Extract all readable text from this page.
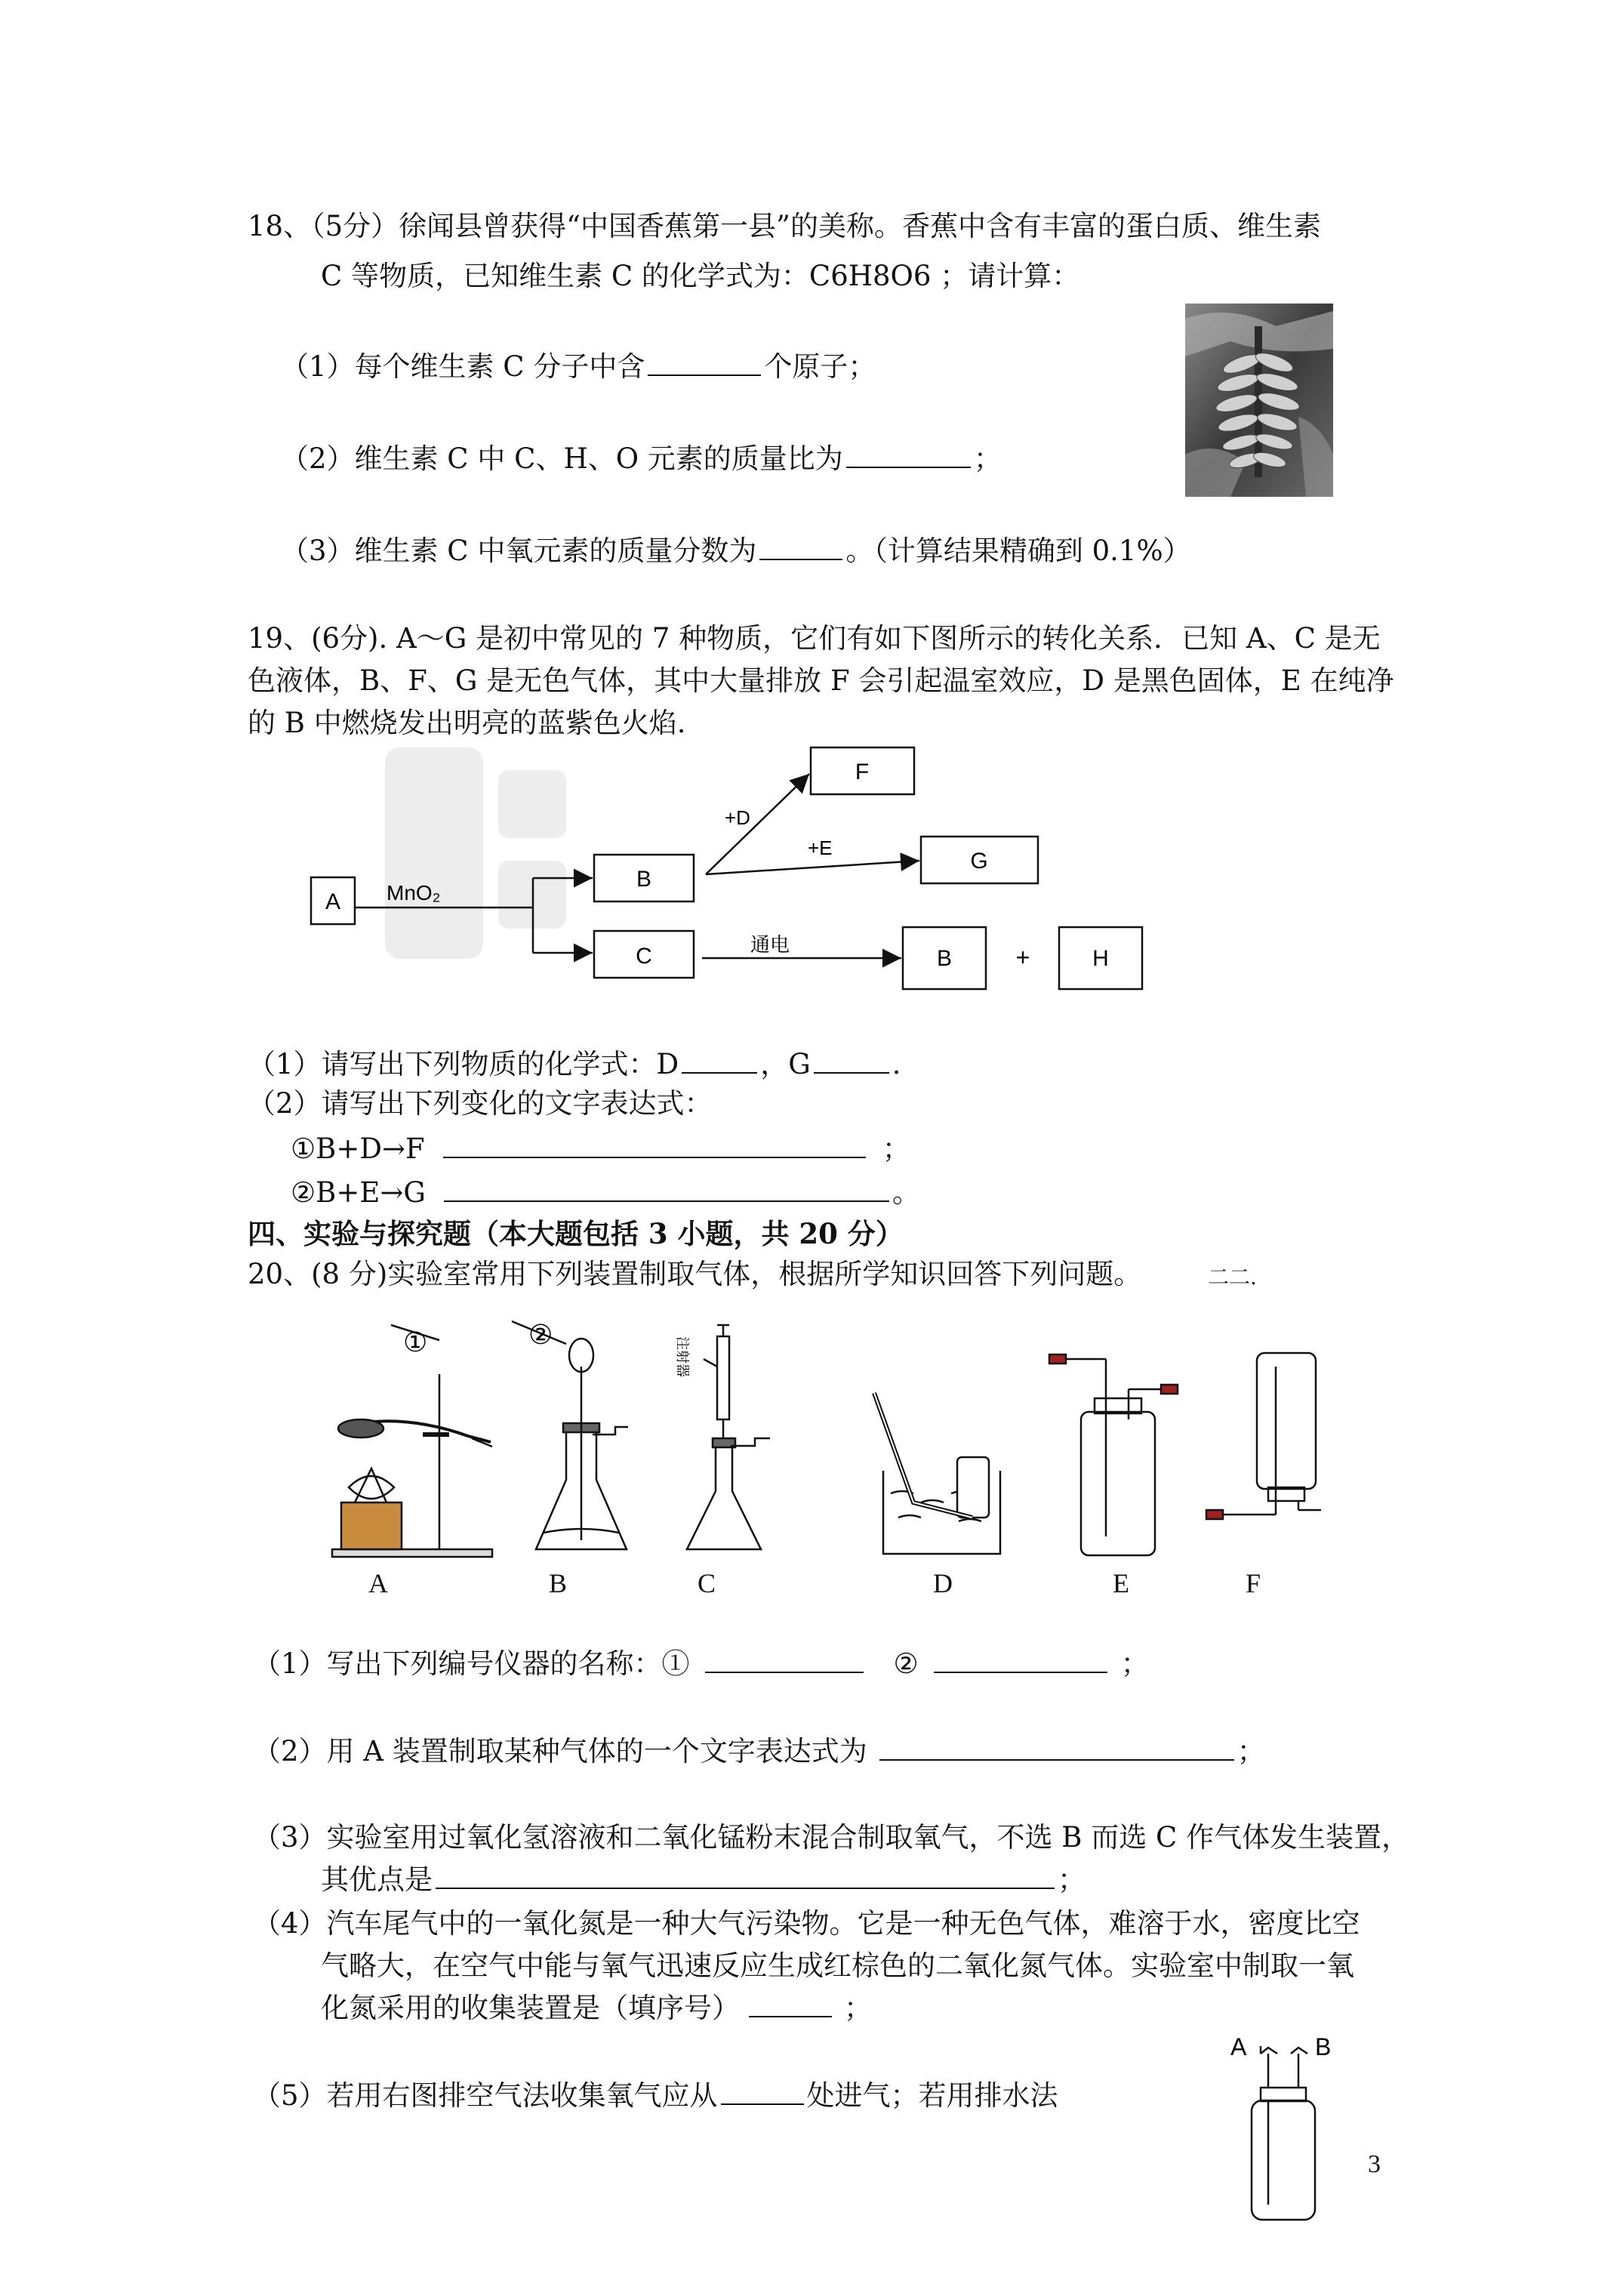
18、（5分）徐闻县曾获得“中国香蕉第一县”的美称。香蕉中含有丰富的蛋白质、维生素
C 等物质，已知维生素 C 的化学式为：C6H8O6 ；请计算：
（1）每个维生素 C 分子中含	个原子；
（2）维生素 C 中 C、H、O 元素的质量比为	；
（3）维生素 C 中氧元素的质量分数为	。（计算结果精确到 0.1%）
19、(6分). A～G 是初中常见的 7 种物质，它们有如下图所示的转化关系．已知 A、C 是无
色液体，B、F、G 是无色气体，其中大量排放 F 会引起温室效应，D 是黑色固体，E 在纯净
的 B 中燃烧发出明亮的蓝紫色火焰.
A
B
C
F
G
B	+	H
MnO₂
+D
+E
通电
（1）请写出下列物质的化学式：D	，G	.
（2）请写出下列变化的文字表达式：
①B+D→F	；
②B+E→G	。
四、实验与探究题（本大题包括 3 小题，共 20 分）
20、(8 分)实验室常用下列装置制取气体，根据所学知识回答下列问题。	二二.
①	②
注射器
A	B	C	D	E	F
（1）写出下列编号仪器的名称：①	②	；
（2）用 A 装置制取某种气体的一个文字表达式为	；
（3）实验室用过氧化氢溶液和二氧化锰粉末混合制取氧气，不选 B 而选 C 作气体发生装置，
其优点是	；
（4）汽车尾气中的一氧化氮是一种大气污染物。它是一种无色气体，难溶于水，密度比空
气略大，在空气中能与氧气迅速反应生成红棕色的二氧化氮气体。实验室中制取一氧
化氮采用的收集装置是（填序号）	；
（5）若用右图排空气法收集氧气应从	处进气；若用排水法
A	B
3
